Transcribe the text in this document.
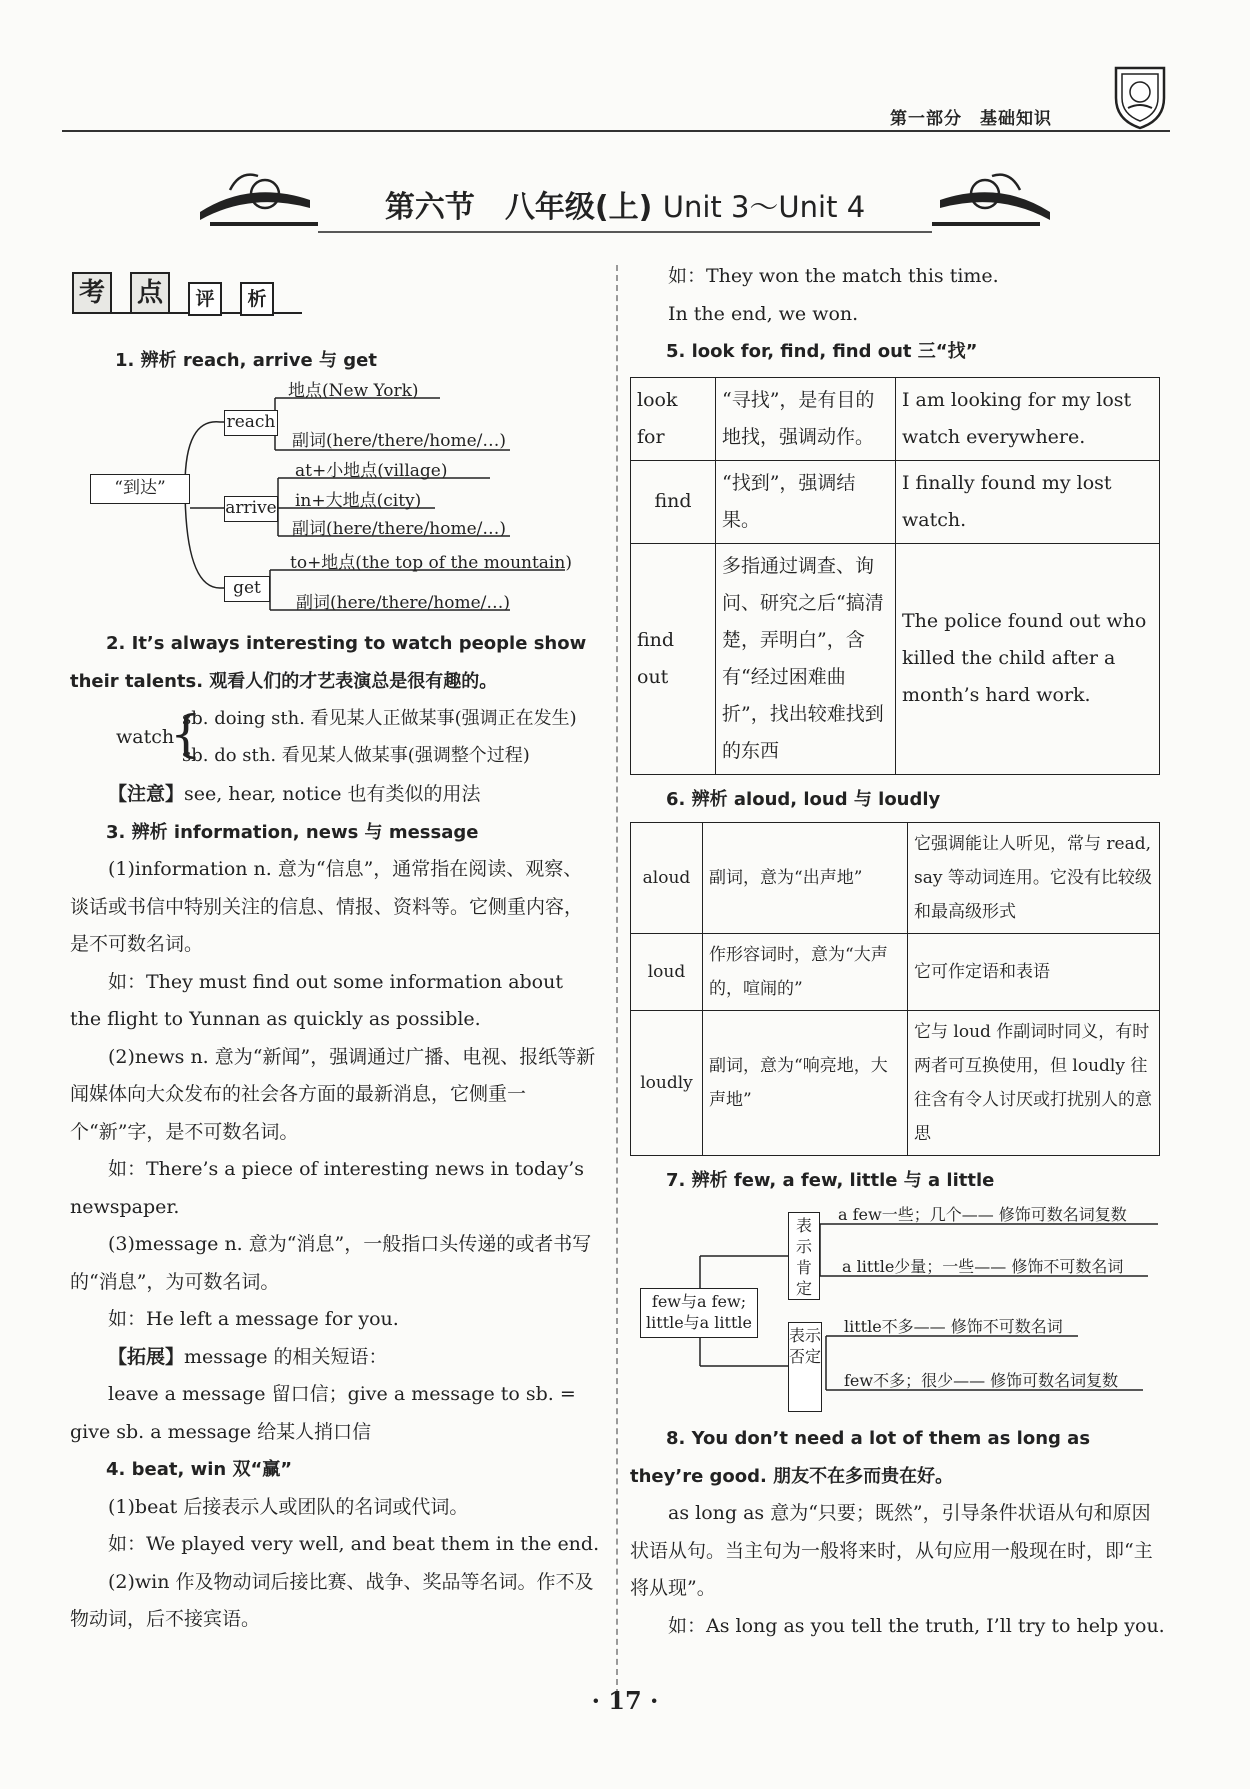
第一部分　基础知识
第六节　八年级(上) Unit 3～Unit 4
考 点	评	析
1. 辨析 reach, arrive 与 get
“到达”
reach
arrive
get
地点(New York)
副词(here/there/home/…)
at+小地点(village)
in+大地点(city)
副词(here/there/home/…)
to+地点(the top of the mountain)
副词(here/there/home/…)

2. It’s always interesting to watch people show their talents. 观看人们的才艺表演总是很有趣的。

watch
{
sb. doing sth. 看见某人正做某事(强调正在发生)
sb. do sth. 看见某人做某事(强调整个过程)

【注意】see, hear, notice 也有类似的用法

3. 辨析 information, news 与 message

(1)information n. 意为“信息”，通常指在阅读、观察、谈话或书信中特别关注的信息、情报、资料等。它侧重内容，是不可数名词。

如：They must find out some information about the flight to Yunnan as quickly as possible.

(2)news n. 意为“新闻”，强调通过广播、电视、报纸等新闻媒体向大众发布的社会各方面的最新消息，它侧重一个“新”字，是不可数名词。

如：There’s a piece of interesting news in today’s newspaper.

(3)message n. 意为“消息”，一般指口头传递的或者书写的“消息”，为可数名词。

如：He left a message for you.

【拓展】message 的相关短语：

leave a message 留口信；give a message to sb. = give sb. a message 给某人捎口信

4. beat, win 双“赢”

(1)beat 后接表示人或团队的名词或代词。

如：We played very well, and beat them in the end.

(2)win 作及物动词后接比赛、战争、奖品等名词。作不及物动词，后不接宾语。

如：They won the match this time.

In the end, we won.

5. look for, find, find out 三“找”

look for	“寻找”，是有目的地找，强调动作。	I am looking for my lost watch everywhere.
find	“找到”，强调结果。	I finally found my lost watch.
find out	多指通过调查、询问、研究之后“搞清楚，弄明白”，含有“经过困难曲折”，找出较难找到的东西	The police found out who killed the child after a month’s hard work.

6. 辨析 aloud, loud 与 loudly

aloud	副词，意为“出声地”	它强调能让人听见，常与 read, say 等动词连用。它没有比较级和最高级形式
loud	作形容词时，意为“大声的，喧闹的”	它可作定语和表语
loudly	副词，意为“响亮地，大声地”	它与 loud 作副词时同义，有时两者可互换使用，但 loudly 往往含有令人讨厌或打扰别人的意思

7. 辨析 few, a few, little 与 a little

few与a few; little与a little
表示肯定
表示否定
a few一些；几个—— 修饰可数名词复数
a little少量；一些—— 修饰不可数名词
little不多—— 修饰不可数名词
few不多；很少—— 修饰可数名词复数

8. You don’t need a lot of them as long as they’re good. 朋友不在多而贵在好。

as long as 意为“只要；既然”，引导条件状语从句和原因状语从句。当主句为一般将来时，从句应用一般现在时，即“主将从现”。

如：As long as you tell the truth, I’ll try to help you.

· 17 ·
